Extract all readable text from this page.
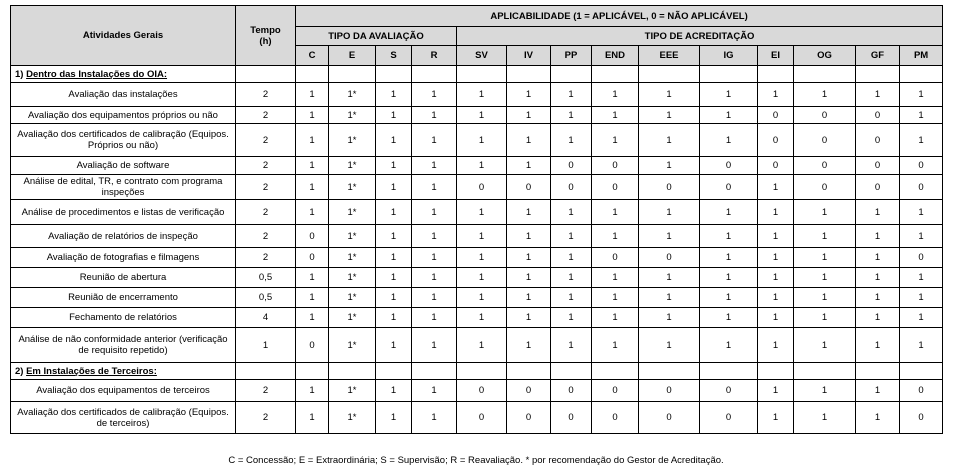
Atividades Gerais	Tempo
(h)	APLICABILIDADE (1 = APLICÁVEL, 0 = NÃO APLICÁVEL)													
		TIPO DA AVALIAÇÃO				TIPO DE ACREDITAÇÃO									
		C	E	S	R	SV	IV	PP	END	EEE	IG	EI	OG	GF	PM
1) Dentro das Instalações do OIA:															
Avaliação das instalações	2	1	1*	1	1	1	1	1	1	1	1	1	1	1	1
Avaliação dos equipamentos próprios ou não	2	1	1*	1	1	1	1	1	1	1	1	0	0	0	1
Avaliação dos certificados de calibração (Equipos. Próprios ou não)	2	1	1*	1	1	1	1	1	1	1	1	0	0	0	1
Avaliação de software	2	1	1*	1	1	1	1	0	0	1	0	0	0	0	0
Análise de edital, TR, e contrato com programa inspeções	2	1	1*	1	1	0	0	0	0	0	0	1	0	0	0
Análise de procedimentos e listas de verificação	2	1	1*	1	1	1	1	1	1	1	1	1	1	1	1
Avaliação de relatórios de inspeção	2	0	1*	1	1	1	1	1	1	1	1	1	1	1	1
Avaliação de fotografias e filmagens	2	0	1*	1	1	1	1	1	0	0	1	1	1	1	0
Reunião de abertura	0,5	1	1*	1	1	1	1	1	1	1	1	1	1	1	1
Reunião de encerramento	0,5	1	1*	1	1	1	1	1	1	1	1	1	1	1	1
Fechamento de relatórios	4	1	1*	1	1	1	1	1	1	1	1	1	1	1	1
Análise de não conformidade anterior (verificação de requisito repetido)	1	0	1*	1	1	1	1	1	1	1	1	1	1	1	1
2) Em Instalações de Terceiros:															
Avaliação dos equipamentos de terceiros	2	1	1*	1	1	0	0	0	0	0	0	1	1	1	0
Avaliação dos certificados de calibração (Equipos. de terceiros)	2	1	1*	1	1	0	0	0	0	0	0	1	1	1	0
C = Concessão; E = Extraordinária; S = Supervisão; R = Reavaliação. * por recomendação do Gestor de Acreditação.
